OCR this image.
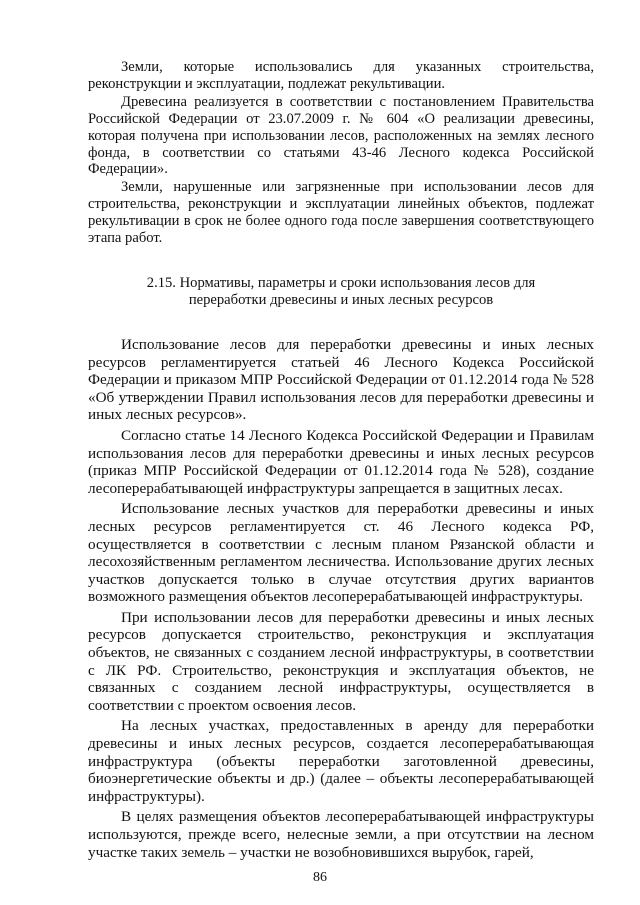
Земли, которые использовались для указанных строительства, реконструкции и эксплуатации, подлежат рекультивации.

Древесина реализуется в соответствии с постановлением Правительства Российской Федерации от 23.07.2009 г. № 604 «О реализации древесины, которая получена при использовании лесов, расположенных на землях лесного фонда, в соответствии со статьями 43-46 Лесного кодекса Российской Федерации».

Земли, нарушенные или загрязненные при использовании лесов для строительства, реконструкции и эксплуатации линейных объектов, подлежат рекультивации в срок не более одного года после завершения соответствующего этапа работ.

2.15. Нормативы, параметры и сроки использования лесов для
переработки древесины и иных лесных ресурсов

Использование лесов для переработки древесины и иных лесных ресурсов регламентируется статьей 46 Лесного Кодекса Российской Федерации и приказом МПР Российской Федерации от 01.12.2014 года № 528 «Об утверждении Правил использования лесов для переработки древесины и иных лесных ресурсов».

Согласно статье 14 Лесного Кодекса Российской Федерации и Правилам использования лесов для переработки древесины и иных лесных ресурсов (приказ МПР Российской Федерации от 01.12.2014 года № 528), создание лесоперерабатывающей инфраструктуры запрещается в защитных лесах.

Использование лесных участков для переработки древесины и иных лесных ресурсов регламентируется ст. 46 Лесного кодекса РФ, осуществляется в соответствии с лесным планом Рязанской области и лесохозяйственным регламентом лесничества. Использование других лесных участков допускается только в случае отсутствия других вариантов возможного размещения объектов лесоперерабатывающей инфраструктуры.

При использовании лесов для переработки древесины и иных лесных ресурсов допускается строительство, реконструкция и эксплуатация объектов, не связанных с созданием лесной инфраструктуры, в соответствии с ЛК РФ. Строительство, реконструкция и эксплуатация объектов, не связанных с созданием лесной инфраструктуры, осуществляется в соответствии с проектом освоения лесов.

На лесных участках, предоставленных в аренду для переработки древесины и иных лесных ресурсов, создается лесоперерабатывающая инфраструктура (объекты переработки заготовленной древесины, биоэнергетические объекты и др.) (далее – объекты лесоперерабатывающей инфраструктуры).

В целях размещения объектов лесоперерабатывающей инфраструктуры используются, прежде всего, нелесные земли, а при отсутствии на лесном участке таких земель – участки не возобновившихся вырубок, гарей,

86
